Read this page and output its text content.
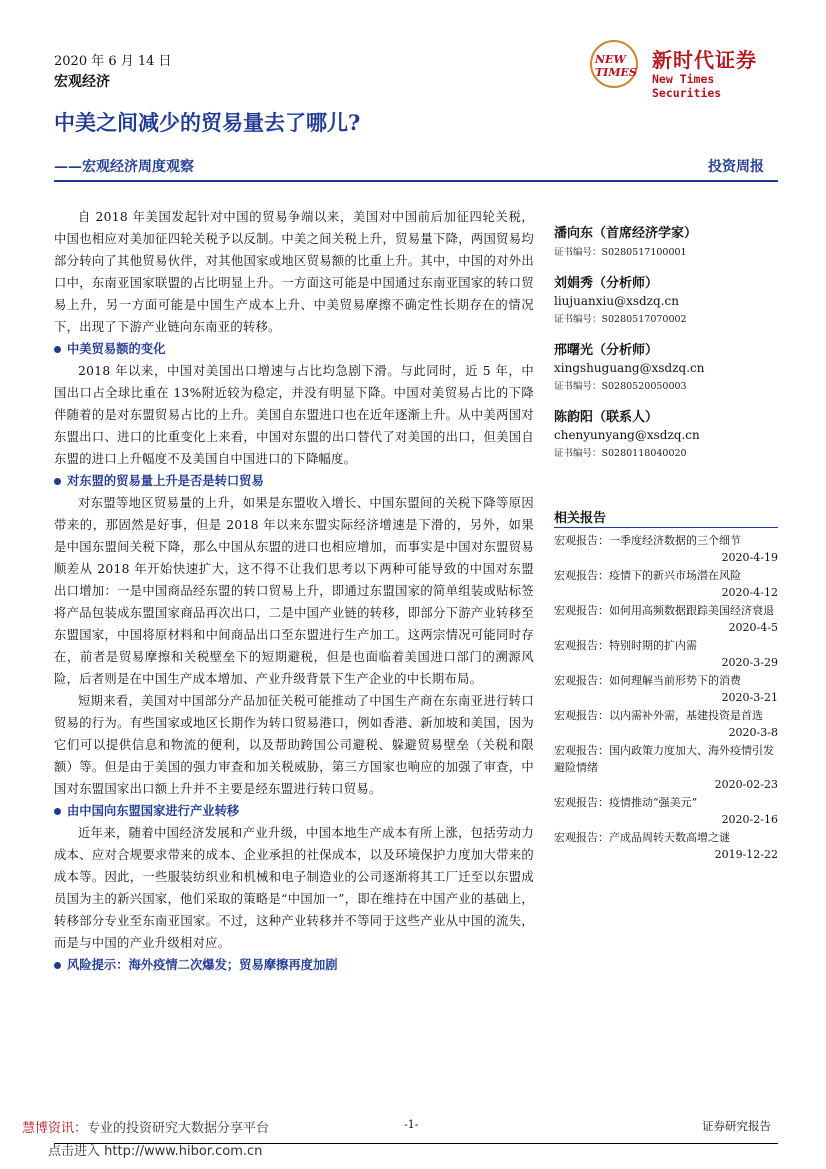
2020 年 6 月 14 日
宏观经济
NEW
TIMES
新时代证券
New Times Securities
中美之间减少的贸易量去了哪儿?
——宏观经济周度观察	投资周报

自 2018 年美国发起针对中国的贸易争端以来，美国对中国前后加征四轮关税，中国也相应对美加征四轮关税予以反制。中美之间关税上升，贸易量下降，两国贸易均部分转向了其他贸易伙伴，对其他国家或地区贸易额的比重上升。其中，中国的对外出口中，东南亚国家联盟的占比明显上升。一方面这可能是中国通过东南亚国家的转口贸易上升，另一方面可能是中国生产成本上升、中美贸易摩擦不确定性长期存在的情况下，出现了下游产业链向东南亚的转移。

中美贸易额的变化

2018 年以来，中国对美国出口增速与占比均急剧下滑。与此同时，近 5 年，中国出口占全球比重在 13%附近较为稳定，并没有明显下降。中国对美贸易占比的下降伴随着的是对东盟贸易占比的上升。美国自东盟进口也在近年逐渐上升。从中美两国对东盟出口、进口的比重变化上来看，中国对东盟的出口替代了对美国的出口，但美国自东盟的进口上升幅度不及美国自中国进口的下降幅度。

对东盟的贸易量上升是否是转口贸易

对东盟等地区贸易量的上升，如果是东盟收入增长、中国东盟间的关税下降等原因带来的，那固然是好事，但是 2018 年以来东盟实际经济增速是下滑的，另外，如果是中国东盟间关税下降，那么中国从东盟的进口也相应增加，而事实是中国对东盟贸易顺差从 2018 年开始快速扩大，这不得不让我们思考以下两种可能导致的中国对东盟出口增加：一是中国商品经东盟的转口贸易上升，即通过东盟国家的简单组装或贴标签将产品包装成东盟国家商品再次出口，二是中国产业链的转移，即部分下游产业转移至东盟国家，中国将原材料和中间商品出口至东盟进行生产加工。这两宗情况可能同时存在，前者是贸易摩擦和关税壁垒下的短期避税，但是也面临着美国进口部门的溯源风险，后者则是在中国生产成本增加、产业升级背景下生产企业的中长期布局。

短期来看，美国对中国部分产品加征关税可能推动了中国生产商在东南亚进行转口贸易的行为。有些国家或地区长期作为转口贸易港口，例如香港、新加坡和美国，因为它们可以提供信息和物流的便利，以及帮助跨国公司避税、躲避贸易壁垒（关税和限额）等。但是由于美国的强力审查和加关税威胁，第三方国家也响应的加强了审查，中国对东盟国家出口额上升并不主要是经东盟进行转口贸易。

由中国向东盟国家进行产业转移

近年来，随着中国经济发展和产业升级，中国本地生产成本有所上涨，包括劳动力成本、应对合规要求带来的成本、企业承担的社保成本，以及环境保护力度加大带来的成本等。因此，一些服装纺织业和机械和电子制造业的公司逐渐将其工厂迁至以东盟成员国为主的新兴国家，他们采取的策略是“中国加一”，即在维持在中国产业的基础上，转移部分专业至东南亚国家。不过，这种产业转移并不等同于这些产业从中国的流失，而是与中国的产业升级相对应。

风险提示：海外疫情二次爆发；贸易摩擦再度加剧
潘向东（首席经济学家）
证书编号：S0280517100001
刘娟秀（分析师）
liujuanxiu@xsdzq.cn
证书编号：S0280517070002
邢曙光（分析师）
xingshuguang@xsdzq.cn
证书编号：S0280520050003
陈韵阳（联系人）
chenyunyang@xsdzq.cn
证书编号：S0280118040020
相关报告
宏观报告：一季度经济数据的三个细节
2020-4-19
宏观报告：疫情下的新兴市场潜在风险
2020-4-12
宏观报告：如何用高频数据跟踪美国经济衰退
2020-4-5
宏观报告：特别时期的扩内需
2020-3-29
宏观报告：如何理解当前形势下的消费
2020-3-21
宏观报告：以内需补外需，基建投资是首选
2020-3-8
宏观报告：国内政策力度加大、海外疫情引发避险情绪
2020-02-23
宏观报告：疫情推动“强美元”
2020-2-16
宏观报告：产成品周转天数高增之谜
2019-12-22
慧博资讯：专业的投资研究大数据分享平台	-1-	证券研究报告
点击进入 http://www.hibor.com.cn
